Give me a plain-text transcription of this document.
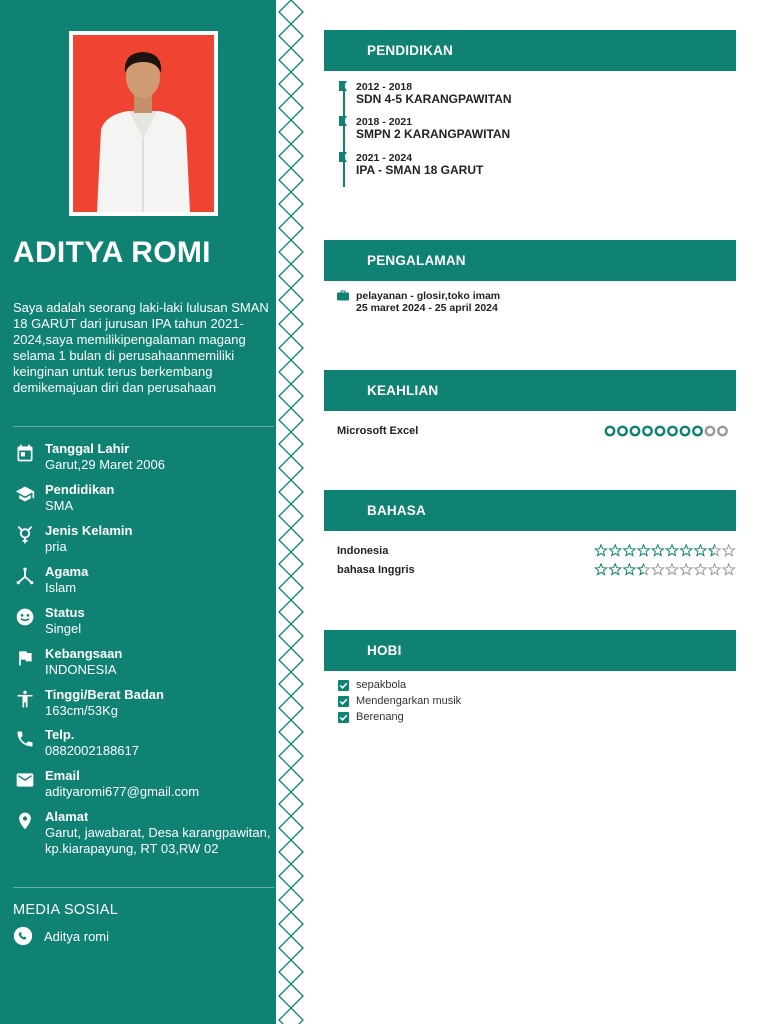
ADITYA ROMI
Saya adalah seorang laki-laki lulusan SMAN 18 GARUT dari jurusan IPA tahun 2021-2024,saya memilikipengalaman magang selama 1 bulan di perusahaanmemiliki keinginan untuk terus berkembang demikemajuan diri dan perusahaan
Tanggal Lahir
Garut,29 Maret 2006
Pendidikan
SMA
Jenis Kelamin
pria
Agama
Islam
Status
Singel
Kebangsaan
INDONESIA
Tinggi/Berat Badan
163cm/53Kg
Telp.
0882002188617
Email
adityaromi677@gmail.com
Alamat
Garut, jawabarat, Desa karangpawitan, kp.kiarapayung, RT 03,RW 02
MEDIA SOSIAL
Aditya romi
PENDIDIKAN
2012 - 2018
SDN 4-5 KARANGPAWITAN
2018 - 2021
SMPN 2 KARANGPAWITAN
2021 - 2024
IPA - SMAN 18 GARUT
PENGALAMAN
pelayanan - glosir,toko imam
25 maret 2024 - 25 april 2024
KEAHLIAN
Microsoft Excel
BAHASA
Indonesia
bahasa Inggris
HOBI
sepakbola
Mendengarkan musik
Berenang
